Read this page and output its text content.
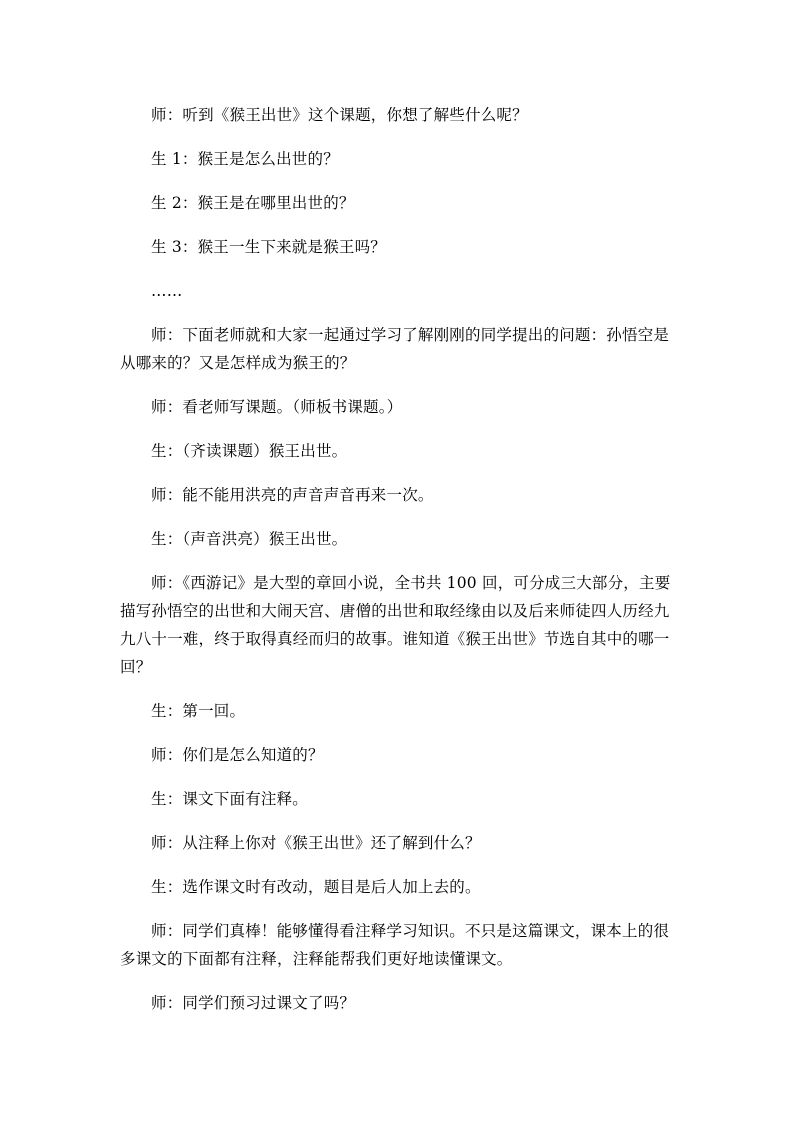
师：听到《猴王出世》这个课题，你想了解些什么呢？

生 1：猴王是怎么出世的？

生 2：猴王是在哪里出世的？

生 3：猴王一生下来就是猴王吗？

……

师：下面老师就和大家一起通过学习了解刚刚的同学提出的问题：孙悟空是从哪来的？又是怎样成为猴王的？

师：看老师写课题。（师板书课题。）

生：（齐读课题）猴王出世。

师：能不能用洪亮的声音声音再来一次。

生：（声音洪亮）猴王出世。

师：《西游记》是大型的章回小说，全书共 100 回，可分成三大部分，主要描写孙悟空的出世和大闹天宫、唐僧的出世和取经缘由以及后来师徒四人历经九九八十一难，终于取得真经而归的故事。谁知道《猴王出世》节选自其中的哪一回？

生：第一回。

师：你们是怎么知道的？

生：课文下面有注释。

师：从注释上你对《猴王出世》还了解到什么？

生：选作课文时有改动，题目是后人加上去的。

师：同学们真棒！能够懂得看注释学习知识。不只是这篇课文，课本上的很多课文的下面都有注释，注释能帮我们更好地读懂课文。

师：同学们预习过课文了吗？
